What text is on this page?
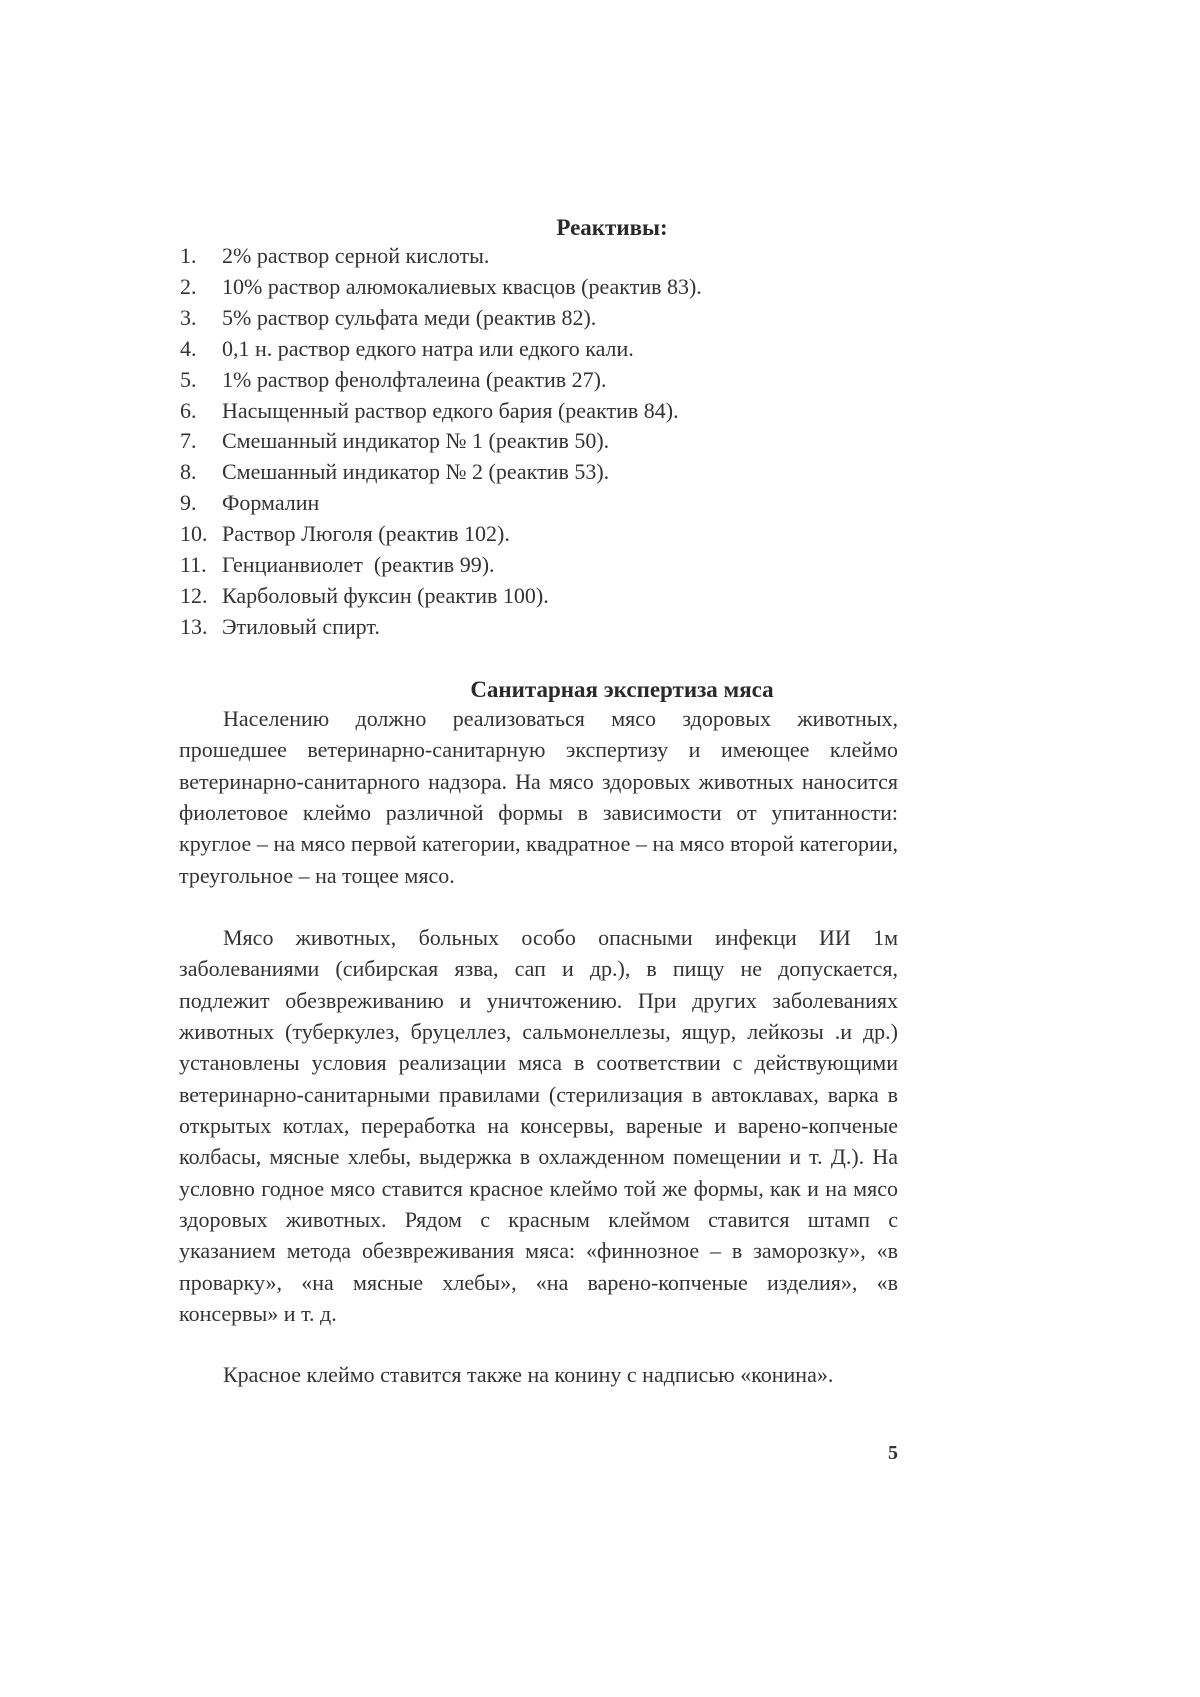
Реактивы:
1.	2% раствор серной кислоты.
2.	10% раствор алюмокалиевых квасцов (реактив 83).
3.	5% раствор сульфата меди (реактив 82).
4.	0,1 н. раствор едкого натра или едкого кали.
5.	1% раствор фенолфталеина (реактив 27).
6.	Насыщенный раствор едкого бария (реактив 84).
7.	Смешанный индикатор № 1 (реактив 50).
8.	Смешанный индикатор № 2 (реактив 53).
9.	Формалин
10. Раствор Люголя (реактив 102).
11. Генцианвиолет  (реактив 99).
12. Карболовый фуксин (реактив 100).
13. Этиловый спирт.
Санитарная экспертиза мяса

Населению должно реализоваться мясо здоровых животных, прошедшее ветеринарно-санитарную экспертизу и имеющее клеймо ветеринарно-санитарного надзора. На мясо здоровых животных наносится фиолетовое клеймо различной формы в зависимости от упитанности: круглое – на мясо первой категории, квадратное – на мясо второй категории, треугольное – на тощее мясо.

Мясо животных, больных особо опасными инфекци ИИ 1м заболеваниями (сибирская язва, сап и др.), в пищу не допускается, подлежит обезвреживанию и уничтожению. При других заболеваниях животных (туберкулез, бруцеллез, сальмонеллезы, ящур, лейкозы .и др.) установлены условия реализации мяса в соответствии с действующими ветеринарно-санитарными правилами (стерилизация в автоклавах, варка в открытых котлах, переработка на консервы, вареные и варено-копченые колбасы, мясные хлебы, выдержка в охлажденном помещении и т. Д.). На условно годное мясо ставится красное клеймо той же формы, как и на мясо здоровых животных. Рядом с красным клеймом ставится штамп с указанием метода обезвреживания мяса: «финнозное – в заморозку», «в проварку», «на мясные хлебы», «на варено-копченые изделия», «в консервы» и т. д.

Красное клеймо ставится также на конину с надписью «конина».

5
